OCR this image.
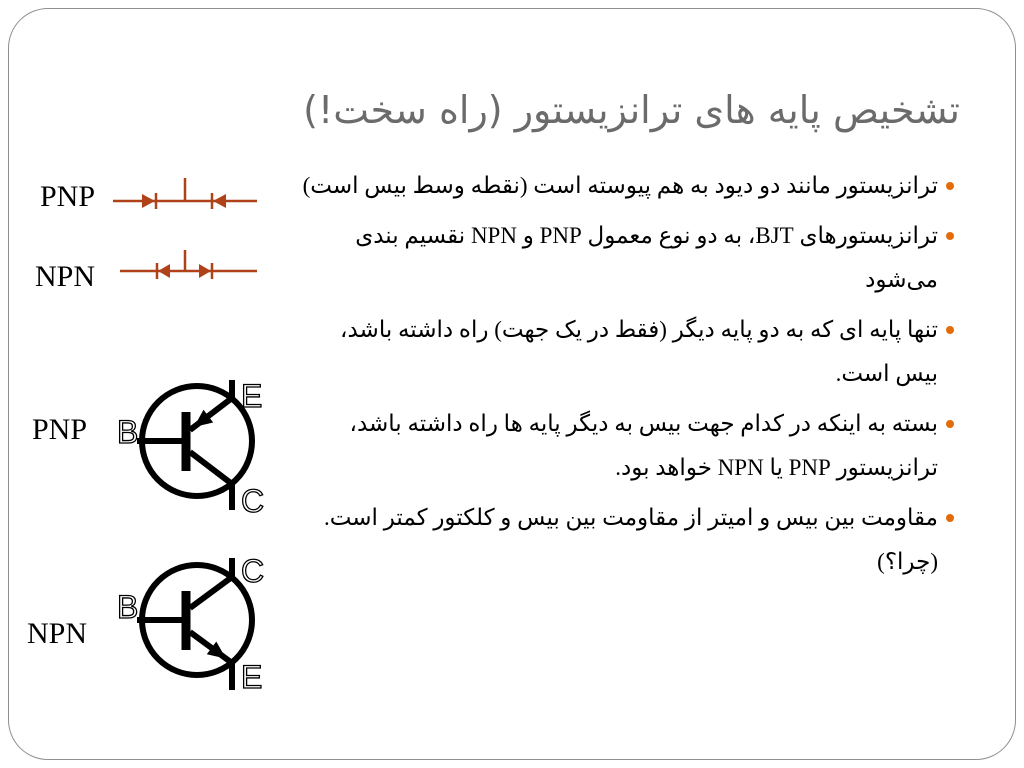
تشخیص پایه های ترانزیستور (راه سخت!)
ترانزیستور مانند دو دیود به هم پیوسته است (نقطه وسط بیس است)
ترانزیستورهای BJT، به دو نوع معمول PNP و NPN نقسیم بندی می‌شود
تنها پایه ای که به دو پایه دیگر (فقط در یک جهت) راه داشته باشد، بیس است.
بسته به اینکه در کدام جهت بیس به دیگر پایه ها راه داشته باشد، ترانزیستور PNP یا NPN خواهد بود.
مقاومت بین بیس و امیتر از مقاومت بین بیس و کلکتور کمتر است.(چرا؟)
PNP
NPN
PNP B
E
C
NPN
B
C
E
